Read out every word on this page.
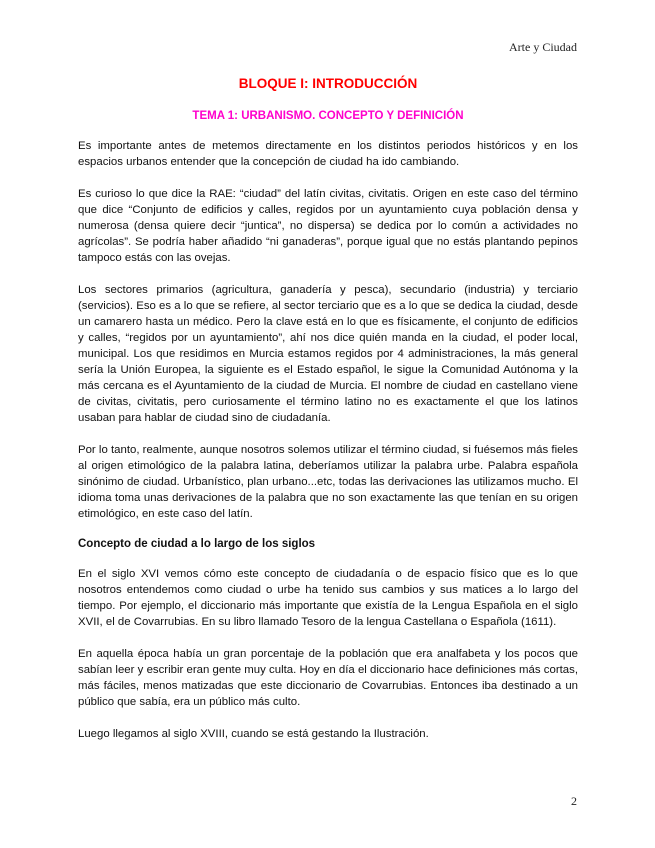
Arte y Ciudad
BLOQUE I: INTRODUCCIÓN
TEMA 1: URBANISMO. CONCEPTO Y DEFINICIÓN

Es importante antes de metemos directamente en los distintos periodos históricos y en los espacios urbanos entender que la concepción de ciudad ha ido cambiando.

Es curioso lo que dice la RAE: “ciudad” del latín civitas, civitatis. Origen en este caso del término que dice “Conjunto de edificios y calles, regidos por un ayuntamiento cuya población densa y numerosa (densa quiere decir “juntica”, no dispersa) se dedica por lo común a actividades no agrícolas”. Se podría haber añadido “ni ganaderas”, porque igual que no estás plantando pepinos tampoco estás con las ovejas.

Los sectores primarios (agricultura, ganadería y pesca), secundario (industria) y terciario (servicios). Eso es a lo que se refiere, al sector terciario que es a lo que se dedica la ciudad, desde un camarero hasta un médico. Pero la clave está en lo que es físicamente, el conjunto de edificios y calles, “regidos por un ayuntamiento”, ahí nos dice quién manda en la ciudad, el poder local, municipal. Los que residimos en Murcia estamos regidos por 4 administraciones, la más general sería la Unión Europea, la siguiente es el Estado español, le sigue la Comunidad Autónoma y la más cercana es el Ayuntamiento de la ciudad de Murcia. El nombre de ciudad en castellano viene de civitas, civitatis, pero curiosamente el término latino no es exactamente el que los latinos usaban para hablar de ciudad sino de ciudadanía.

Por lo tanto, realmente, aunque nosotros solemos utilizar el término ciudad, si fuésemos más fieles al origen etimológico de la palabra latina, deberíamos utilizar la palabra urbe. Palabra española sinónimo de ciudad. Urbanístico, plan urbano...etc, todas las derivaciones las utilizamos mucho. El idioma toma unas derivaciones de la palabra que no son exactamente las que tenían en su origen etimológico, en este caso del latín.

Concepto de ciudad a lo largo de los siglos

En el siglo XVI vemos cómo este concepto de ciudadanía o de espacio físico que es lo que nosotros entendemos como ciudad o urbe ha tenido sus cambios y sus matices a lo largo del tiempo. Por ejemplo, el diccionario más importante que existía de la Lengua Española en el siglo XVII, el de Covarrubias. En su libro llamado Tesoro de la lengua Castellana o Española (1611).

En aquella época había un gran porcentaje de la población que era analfabeta y los pocos que sabían leer y escribir eran gente muy culta. Hoy en día el diccionario hace definiciones más cortas, más fáciles, menos matizadas que este diccionario de Covarrubias. Entonces iba destinado a un público que sabía, era un público más culto.

Luego llegamos al siglo XVIII, cuando se está gestando la Ilustración.

2
